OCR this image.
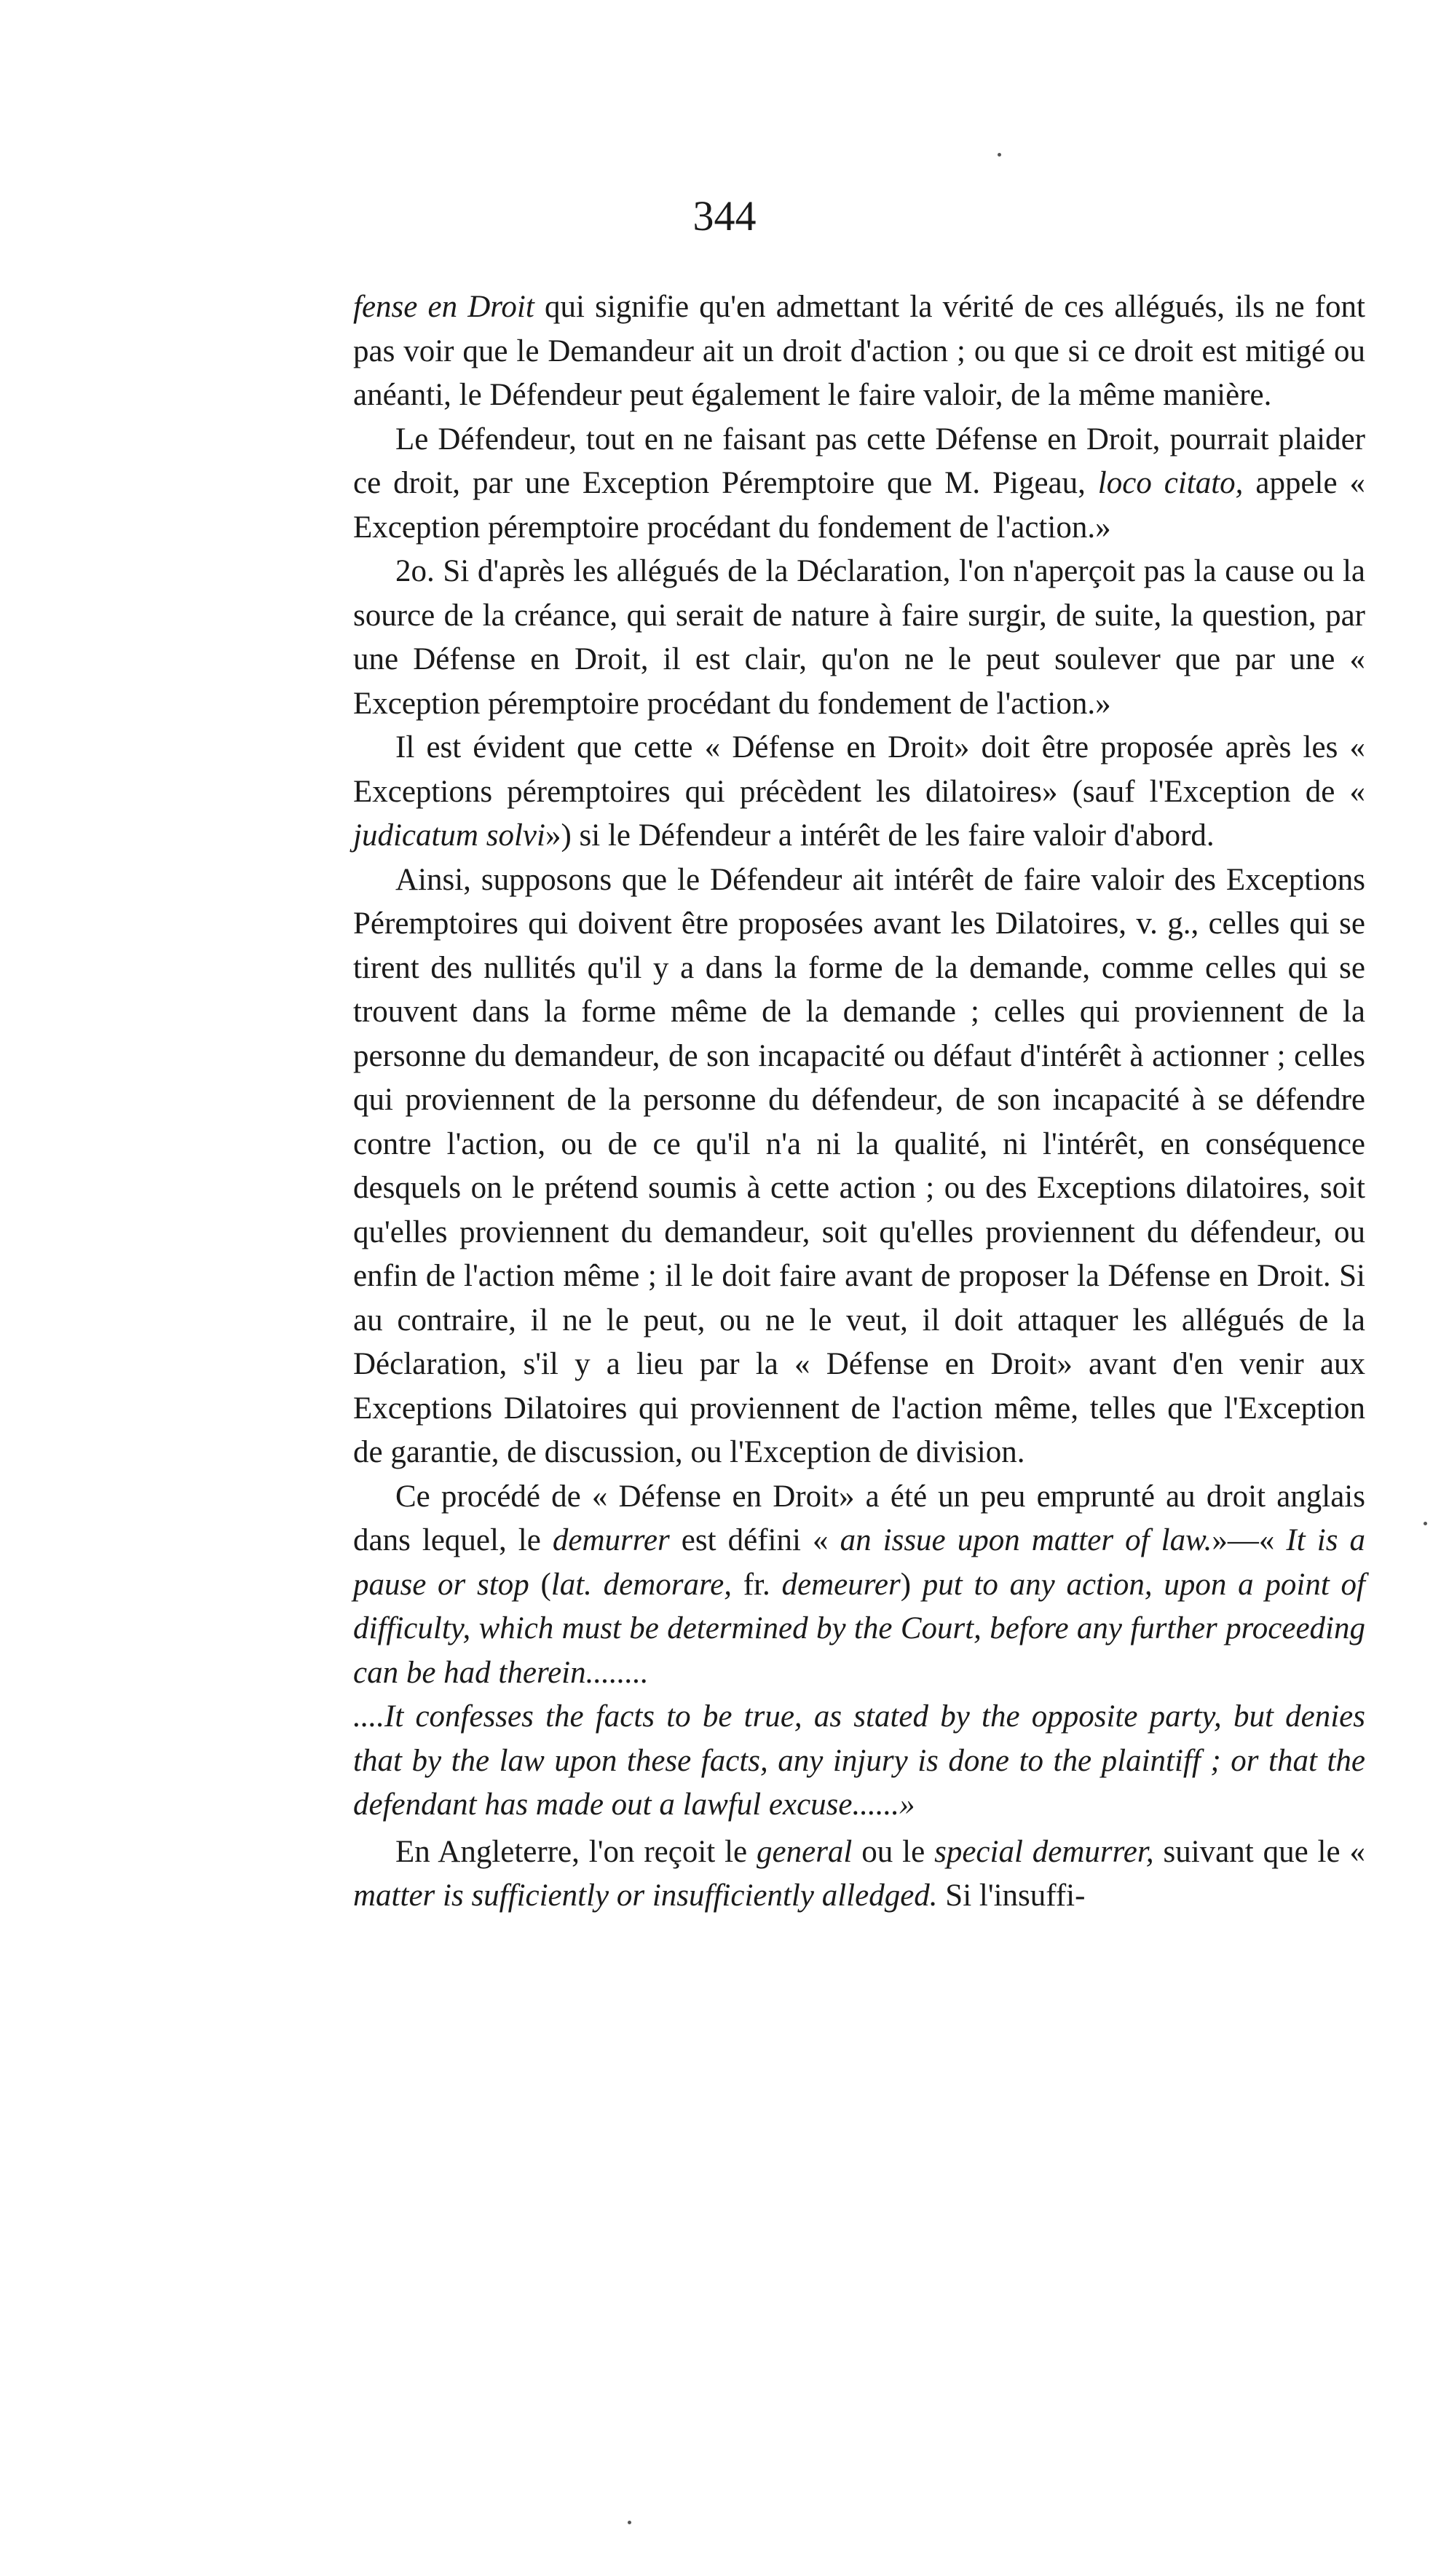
344

fense en Droit qui signifie qu'en admettant la vérité de ces allégués, ils ne font pas voir que le Demandeur ait un droit d'action ; ou que si ce droit est mitigé ou anéanti, le Défendeur peut également le faire valoir, de la même manière.

Le Défendeur, tout en ne faisant pas cette Défense en Droit, pourrait plaider ce droit, par une Exception Péremptoire que M. Pigeau, loco citato, appele « Exception péremptoire procédant du fondement de l'action.»

2o. Si d'après les allégués de la Déclaration, l'on n'aperçoit pas la cause ou la source de la créance, qui serait de nature à faire surgir, de suite, la question, par une Défense en Droit, il est clair, qu'on ne le peut soulever que par une « Exception péremptoire procédant du fondement de l'action.»

Il est évident que cette « Défense en Droit» doit être proposée après les « Exceptions péremptoires qui précèdent les dilatoires» (sauf l'Exception de « judicatum solvi») si le Défendeur a intérêt de les faire valoir d'abord.

Ainsi, supposons que le Défendeur ait intérêt de faire valoir des Exceptions Péremptoires qui doivent être proposées avant les Dilatoires, v. g., celles qui se tirent des nullités qu'il y a dans la forme de la demande, comme celles qui se trouvent dans la forme même de la demande ; celles qui proviennent de la personne du demandeur, de son incapacité ou défaut d'intérêt à actionner ; celles qui proviennent de la personne du défendeur, de son incapacité à se défendre contre l'action, ou de ce qu'il n'a ni la qualité, ni l'intérêt, en conséquence desquels on le prétend soumis à cette action ; ou des Exceptions dilatoires, soit qu'elles proviennent du demandeur, soit qu'elles proviennent du défendeur, ou enfin de l'action même ; il le doit faire avant de proposer la Défense en Droit. Si au contraire, il ne le peut, ou ne le veut, il doit attaquer les allégués de la Déclaration, s'il y a lieu par la « Défense en Droit» avant d'en venir aux Exceptions Dilatoires qui proviennent de l'action même, telles que l'Exception de garantie, de discussion, ou l'Exception de division.

Ce procédé de « Défense en Droit» a été un peu emprunté au droit anglais dans lequel, le demurrer est défini « an issue upon matter of law.»—« It is a pause or stop (lat. demorare, fr. demeurer) put to any action, upon a point of difficulty, which must be determined by the Court, before any further proceeding can be had therein........

....It confesses the facts to be true, as stated by the opposite party, but denies that by the law upon these facts, any injury is done to the plaintiff ; or that the defendant has made out a lawful excuse......»

En Angleterre, l'on reçoit le general ou le special demurrer, suivant que le « matter is sufficiently or insufficiently alledged. Si l'insuffi-
